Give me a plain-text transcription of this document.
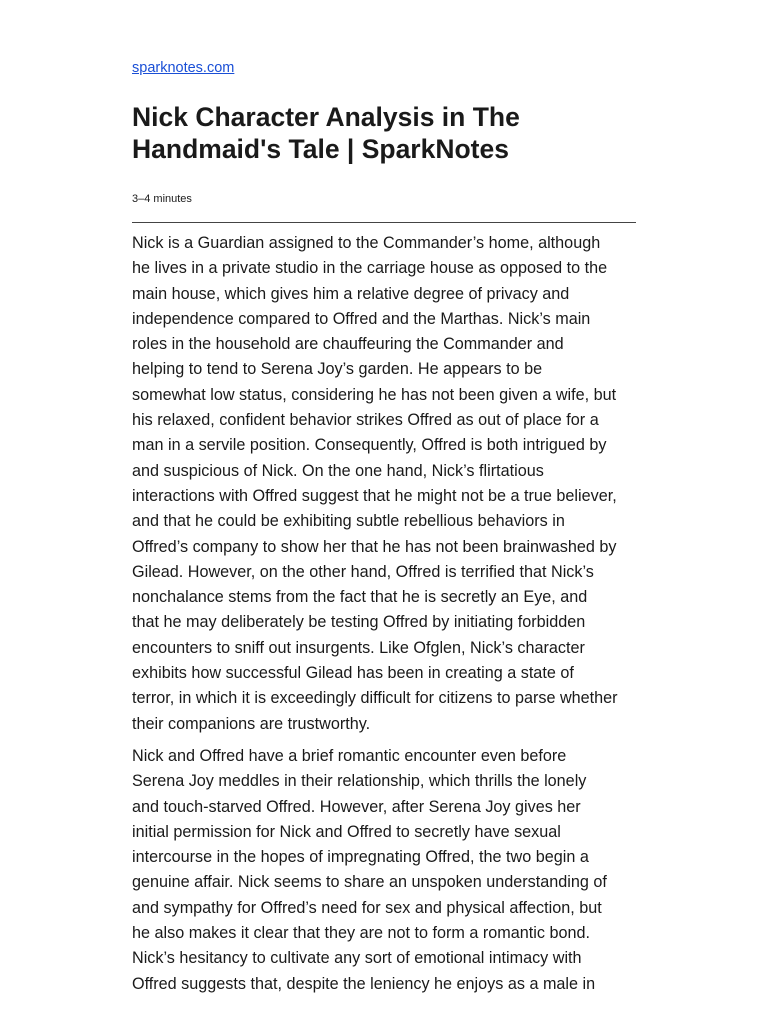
sparknotes.com
Nick Character Analysis in The
Handmaid's Tale | SparkNotes
3–4 minutes

Nick is a Guardian assigned to the Commander’s home, although
he lives in a private studio in the carriage house as opposed to the
main house, which gives him a relative degree of privacy and
independence compared to Offred and the Marthas. Nick’s main
roles in the household are chauffeuring the Commander and
helping to tend to Serena Joy’s garden. He appears to be
somewhat low status, considering he has not been given a wife, but
his relaxed, confident behavior strikes Offred as out of place for a
man in a servile position. Consequently, Offred is both intrigued by
and suspicious of Nick. On the one hand, Nick’s flirtatious
interactions with Offred suggest that he might not be a true believer,
and that he could be exhibiting subtle rebellious behaviors in
Offred’s company to show her that he has not been brainwashed by
Gilead. However, on the other hand, Offred is terrified that Nick’s
nonchalance stems from the fact that he is secretly an Eye, and
that he may deliberately be testing Offred by initiating forbidden
encounters to sniff out insurgents. Like Ofglen, Nick’s character
exhibits how successful Gilead has been in creating a state of
terror, in which it is exceedingly difficult for citizens to parse whether
their companions are trustworthy.

Nick and Offred have a brief romantic encounter even before
Serena Joy meddles in their relationship, which thrills the lonely
and touch-starved Offred. However, after Serena Joy gives her
initial permission for Nick and Offred to secretly have sexual
intercourse in the hopes of impregnating Offred, the two begin a
genuine affair. Nick seems to share an unspoken understanding of
and sympathy for Offred’s need for sex and physical affection, but
he also makes it clear that they are not to form a romantic bond.
Nick’s hesitancy to cultivate any sort of emotional intimacy with
Offred suggests that, despite the leniency he enjoys as a male in
